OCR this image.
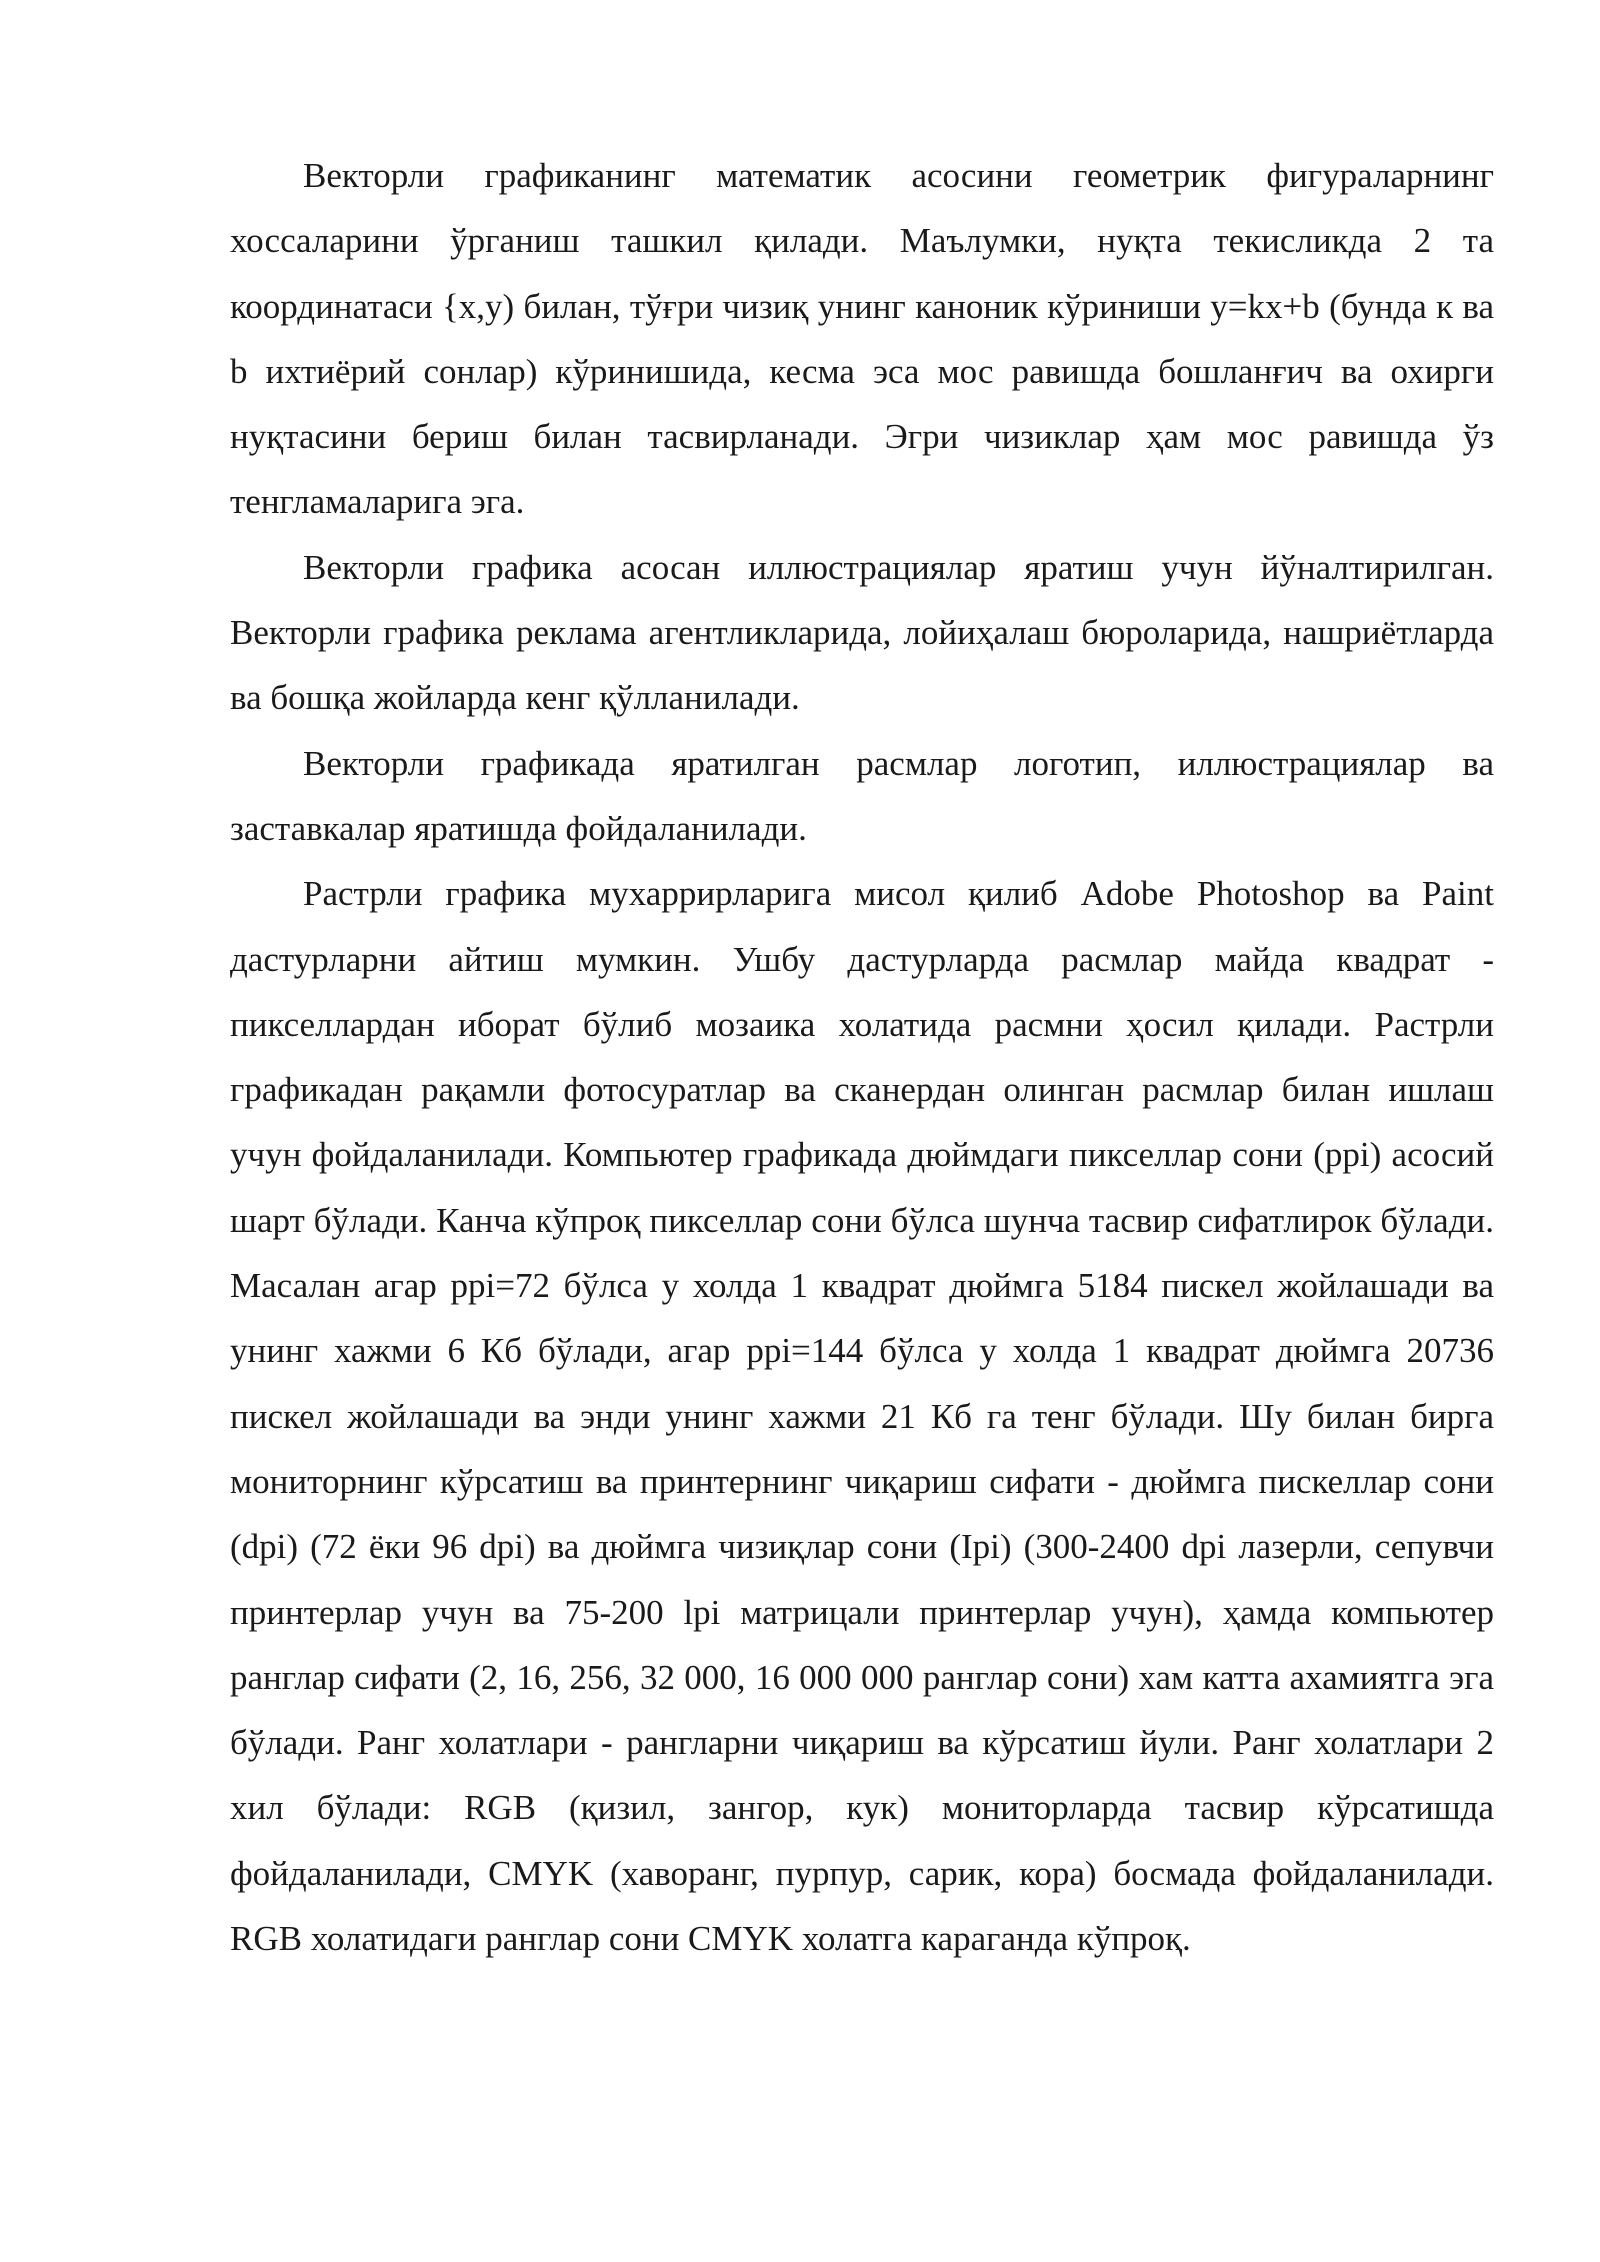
Векторли графиканинг математик асосини геометрик фигураларнинг хоссаларини ўрганиш ташкил қилади. Маълумки, нуқта текисликда 2 та координатаси {x,y) билан, тўғри чизиқ унинг каноник кўриниши y=kx+b (бунда к ва b ихтиёрий сонлар) кўринишида, кесма эса мос равишда бошланғич ва охирги нуқтасини бериш билан тасвирланади. Эгри чизиклар ҳам мос равишда ўз тенгламаларига эга.

Векторли графика асосан иллюстрациялар яратиш учун йўналтирилган. Векторли графика реклама агентликларида, лойиҳалаш бюроларида, нашриётларда ва бошқа жойларда кенг қўлланилади.

Векторли графикада яратилган расмлар логотип, иллюстрациялар ва заставкалар яратишда фойдаланилади.

Растрли графика мухаррирларига мисол қилиб Adobe Photoshop ва Paint дастурларни айтиш мумкин. Ушбу дастурларда расмлар майда квадрат - пикселлардан иборат бўлиб мозаика холатида расмни ҳосил қилади. Растрли графикадан рақамли фотосуратлар ва сканердан олинган расмлар билан ишлаш учун фойдаланилади. Компьютер графикада дюймдаги пикселлар сони (ppi) асосий шарт бўлади. Канча кўпроқ пикселлар сони бўлса шунча тасвир сифатлирок бўлади. Масалан агар ppi=72 бўлса у холда 1 квадрат дюймга 5184 пискел жойлашади ва унинг хажми 6 Кб бўлади, агар ppi=144 бўлса у холда 1 квадрат дюймга 20736 пискел жойлашади ва энди унинг хажми 21 Кб га тенг бўлади. Шу билан бирга мониторнинг кўрсатиш ва принтернинг чиқариш сифати - дюймга пискеллар сони (dpi) (72 ёки 96 dpi) ва дюймга чизиқлар сони (Ipi) (300-2400 dpi лазерли, сепувчи принтерлар учун ва 75-200 lpi матрицали принтерлар учун), ҳамда компьютер ранглар сифати (2, 16, 256, 32 000, 16 000 000 ранглар сони) хам катта ахамиятга эга бўлади. Ранг холатлари - рангларни чиқариш ва кўрсатиш йули. Ранг холатлари 2 хил бўлади: RGB (қизил, зангор, кук) мониторларда тасвир кўрсатишда фойдаланилади, CMYK (хаворанг, пурпур, сарик, кора) босмада фойдаланилади. RGB холатидаги ранглар сони CMYK холатга караганда кўпроқ.
